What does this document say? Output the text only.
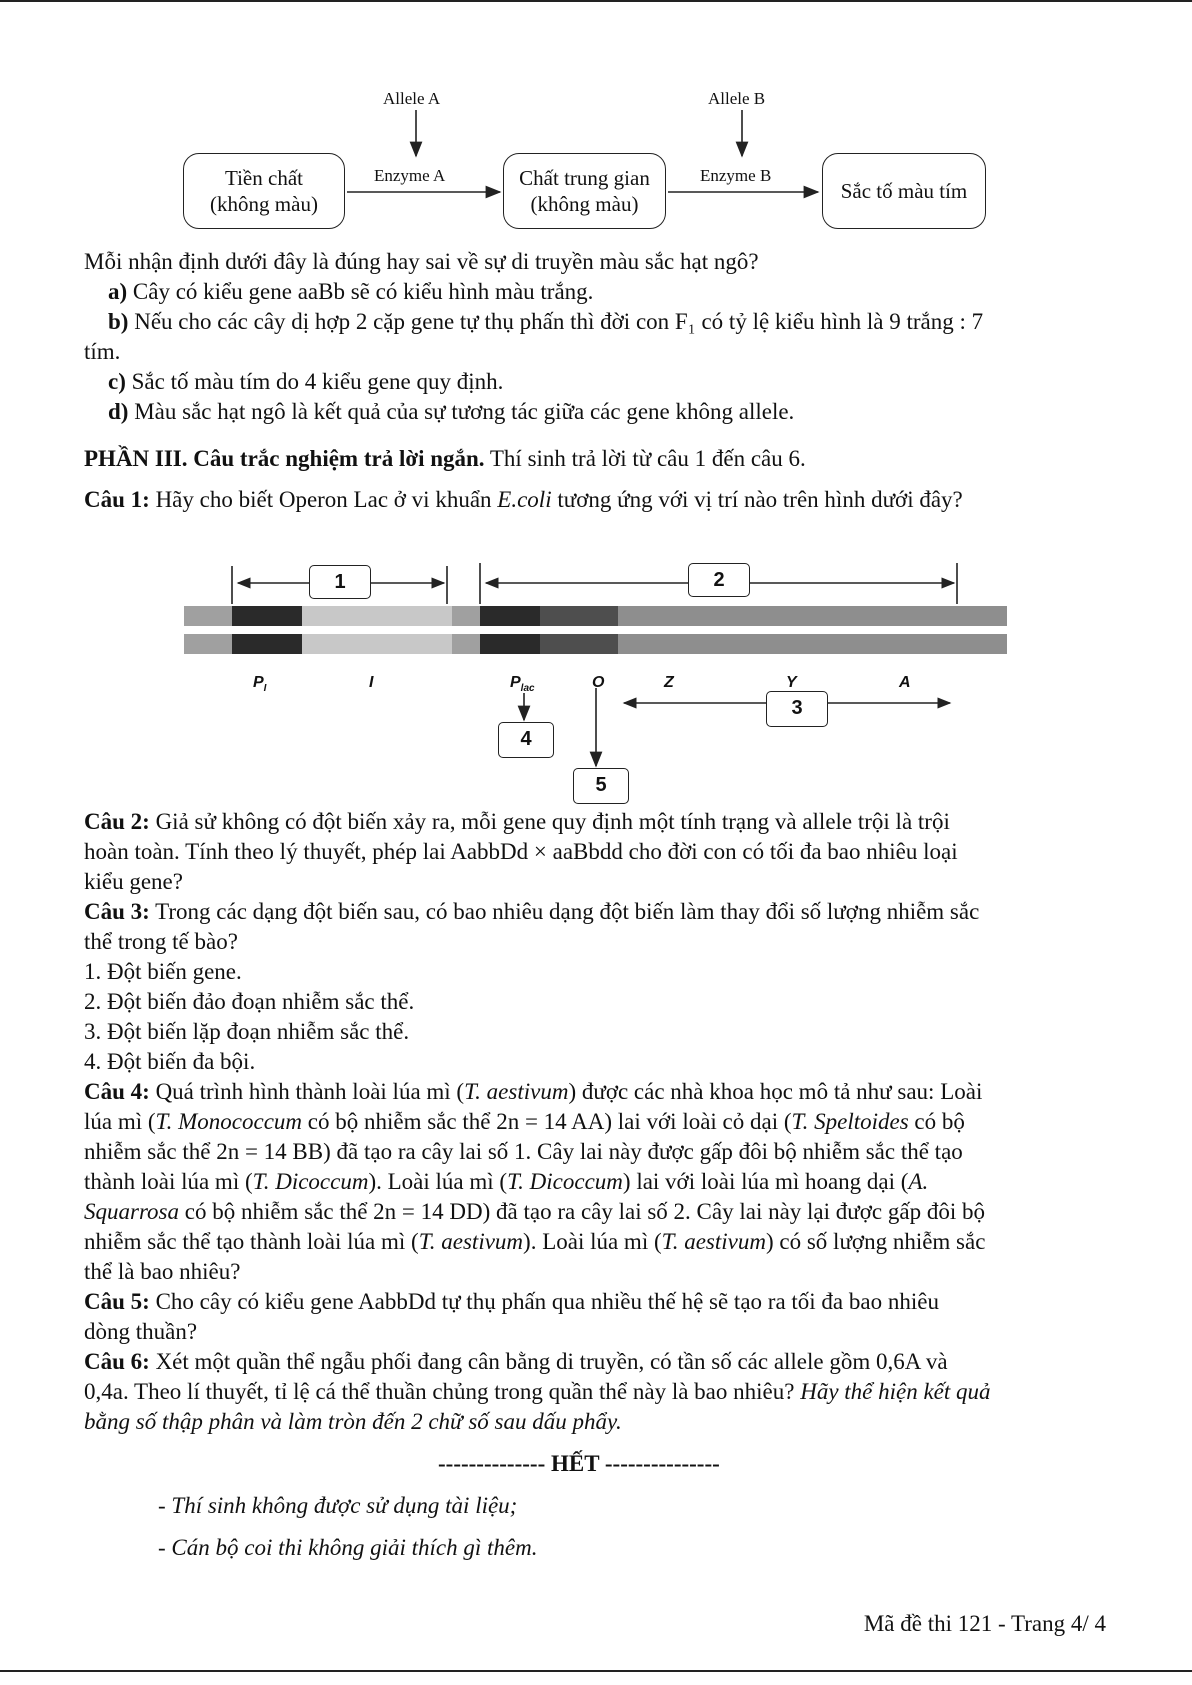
Allele A	Allele B
Enzyme A	Enzyme B
Tiền chất
(không màu)
Chất trung gian
(không màu)
Sắc tố màu tím
Mỗi nhận định dưới đây là đúng hay sai về sự di truyền màu sắc hạt ngô?
a) Cây có kiểu gene aaBb sẽ có kiểu hình màu trắng.
b) Nếu cho các cây dị hợp 2 cặp gene tự thụ phấn thì đời con F₁ có tỷ lệ kiểu hình là 9 trắng : 7
tím.
c) Sắc tố màu tím do 4 kiểu gene quy định.
d) Màu sắc hạt ngô là kết quả của sự tương tác giữa các gene không allele.
PHẦN III. Câu trắc nghiệm trả lời ngắn. Thí sinh trả lời từ câu 1 đến câu 6.
Câu 1: Hãy cho biết Operon Lac ở vi khuẩn E.coli tương ứng với vị trí nào trên hình dưới đây?
1	2
3
4
5
$P_I$	I	$P_{lac}$	O	Z	Y	A
Câu 2: Giả sử không có đột biến xảy ra, mỗi gene quy định một tính trạng và allele trội là trội
hoàn toàn. Tính theo lý thuyết, phép lai AabbDd × aaBbdd cho đời con có tối đa bao nhiêu loại
kiểu gene?
Câu 3: Trong các dạng đột biến sau, có bao nhiêu dạng đột biến làm thay đổi số lượng nhiễm sắc
thể trong tế bào?
1. Đột biến gene.
2. Đột biến đảo đoạn nhiễm sắc thể.
3. Đột biến lặp đoạn nhiễm sắc thể.
4. Đột biến đa bội.
Câu 4: Quá trình hình thành loài lúa mì (T. aestivum) được các nhà khoa học mô tả như sau: Loài
lúa mì (T. Monococcum có bộ nhiễm sắc thể 2n = 14 AA) lai với loài cỏ dại (T. Speltoides có bộ
nhiễm sắc thể 2n = 14 BB) đã tạo ra cây lai số 1. Cây lai này được gấp đôi bộ nhiễm sắc thể tạo
thành loài lúa mì (T. Dicoccum). Loài lúa mì (T. Dicoccum) lai với loài lúa mì hoang dại (A.
Squarrosa có bộ nhiễm sắc thể 2n = 14 DD) đã tạo ra cây lai số 2. Cây lai này lại được gấp đôi bộ
nhiễm sắc thể tạo thành loài lúa mì (T. aestivum). Loài lúa mì (T. aestivum) có số lượng nhiễm sắc
thể là bao nhiêu?
Câu 5: Cho cây có kiểu gene AabbDd tự thụ phấn qua nhiều thế hệ sẽ tạo ra tối đa bao nhiêu
dòng thuần?
Câu 6: Xét một quần thể ngẫu phối đang cân bằng di truyền, có tần số các allele gồm 0,6A và
0,4a. Theo lí thuyết, tỉ lệ cá thể thuần chủng trong quần thể này là bao nhiêu? Hãy thể hiện kết quả
bằng số thập phân và làm tròn đến 2 chữ số sau dấu phẩy.
-------------- HẾT ---------------
- Thí sinh không được sử dụng tài liệu;
- Cán bộ coi thi không giải thích gì thêm.
Mã đề thi 121 - Trang 4/ 4
